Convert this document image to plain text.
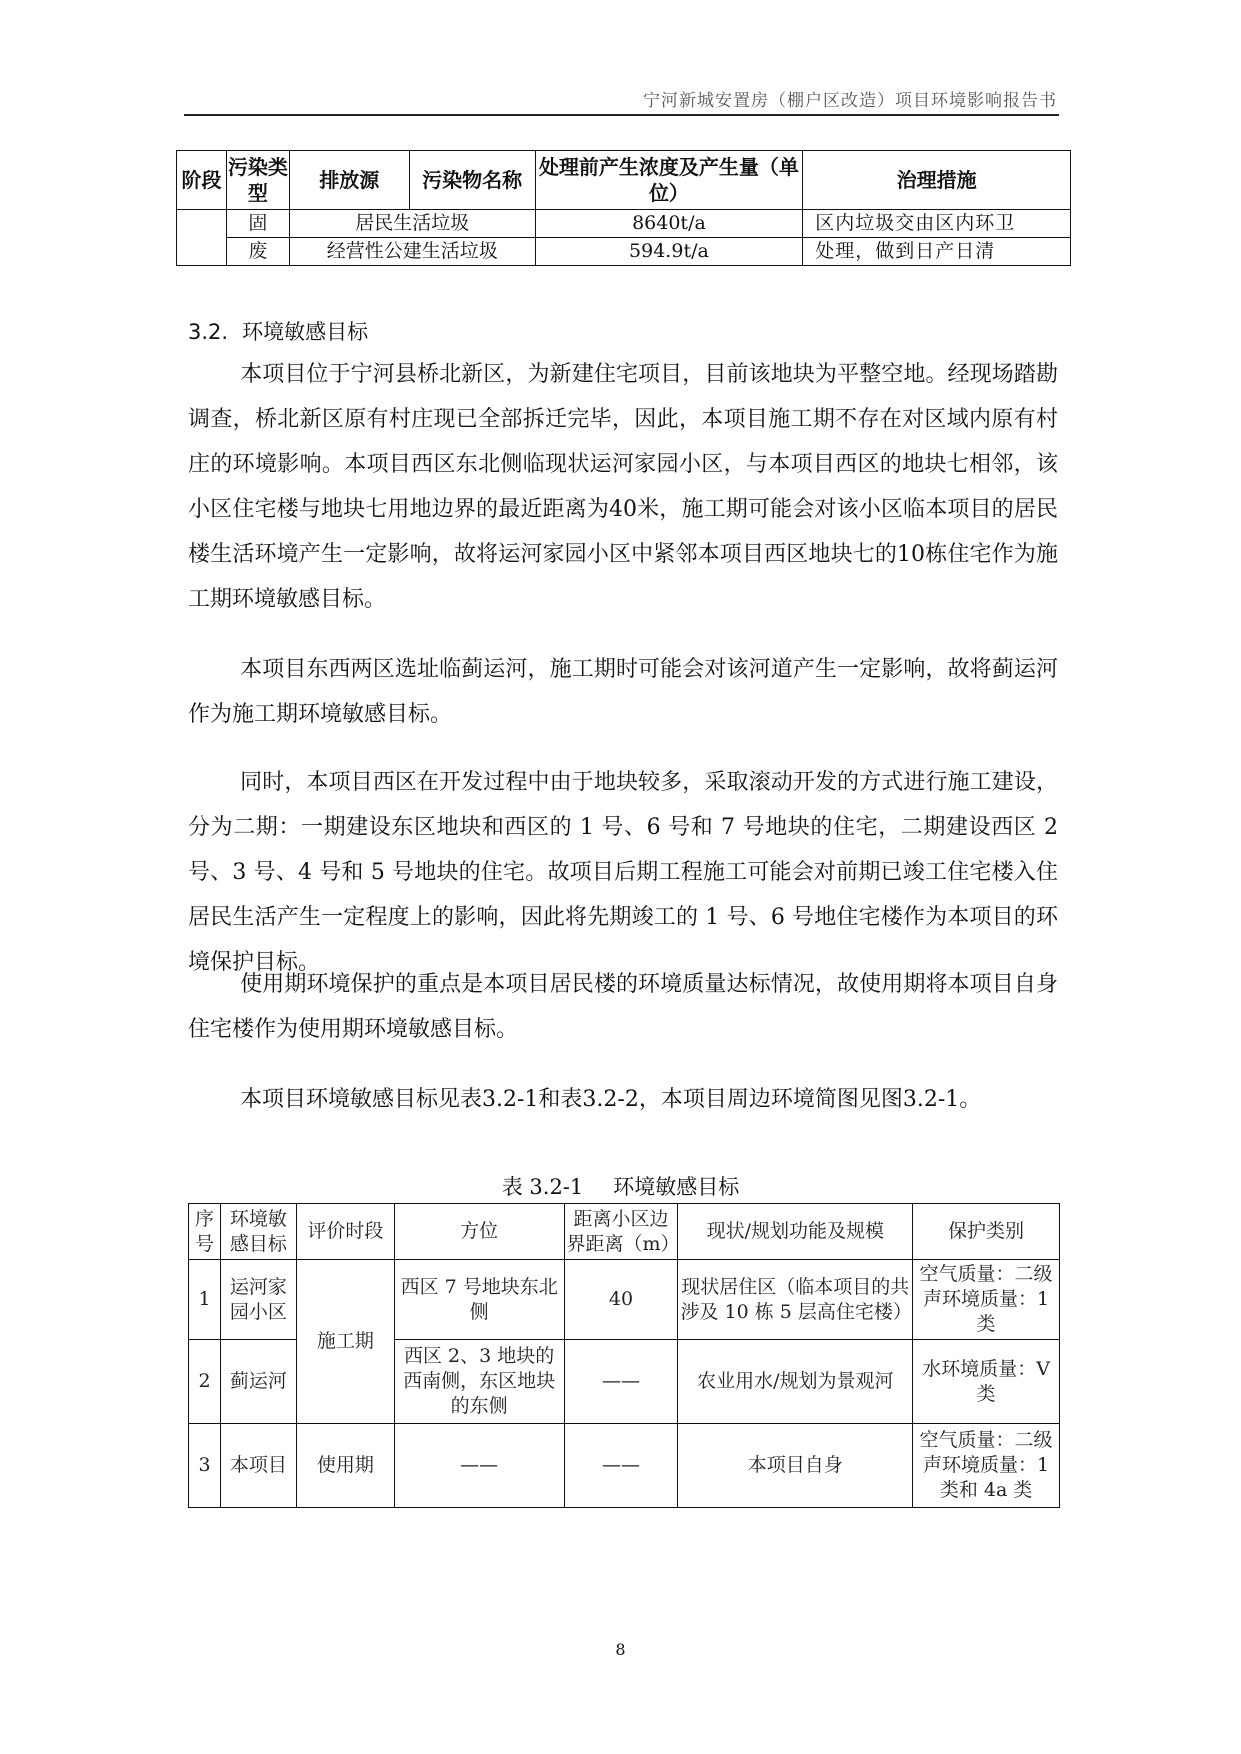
宁河新城安置房（棚户区改造）项目环境影响报告书
阶段	污染类型	排放源	污染物名称	处理前产生浓度及产生量（单位）	治理措施
	固	居民生活垃圾		8640t/a	区内垃圾交由区内环卫
	废	经营性公建生活垃圾		594.9t/a	处理，做到日产日清
3.2. 环境敏感目标
本项目位于宁河县桥北新区，为新建住宅项目，目前该地块为平整空地。经现场踏勘调查，桥北新区原有村庄现已全部拆迁完毕，因此，本项目施工期不存在对区域内原有村庄的环境影响。本项目西区东北侧临现状运河家园小区，与本项目西区的地块七相邻，该小区住宅楼与地块七用地边界的最近距离为40米，施工期可能会对该小区临本项目的居民楼生活环境产生一定影响，故将运河家园小区中紧邻本项目西区地块七的10栋住宅作为施工期环境敏感目标。
本项目东西两区选址临蓟运河，施工期时可能会对该河道产生一定影响，故将蓟运河作为施工期环境敏感目标。
同时，本项目西区在开发过程中由于地块较多，采取滚动开发的方式进行施工建设，分为二期：一期建设东区地块和西区的 1 号、6 号和 7 号地块的住宅，二期建设西区 2 号、3 号、4 号和 5 号地块的住宅。故项目后期工程施工可能会对前期已竣工住宅楼入住居民生活产生一定程度上的影响，因此将先期竣工的 1 号、6 号地住宅楼作为本项目的环境保护目标。
使用期环境保护的重点是本项目居民楼的环境质量达标情况，故使用期将本项目自身住宅楼作为使用期环境敏感目标。
本项目环境敏感目标见表3.2-1和表3.2-2，本项目周边环境简图见图3.2-1。
表 3.2-1 环境敏感目标
序号	环境敏感目标	评价时段	方位	距离小区边界距离（m）	现状/规划功能及规模	保护类别
1	运河家园小区	施工期	西区 7 号地块东北侧	40	现状居住区（临本项目的共涉及 10 栋 5 层高住宅楼）	空气质量：二级 声环境质量：1 类
2	蓟运河		西区 2、3 地块的西南侧，东区地块的东侧	——	农业用水/规划为景观河	水环境质量：V 类
3	本项目	使用期	——	——	本项目自身	空气质量：二级 声环境质量：1 类和 4a 类
8
